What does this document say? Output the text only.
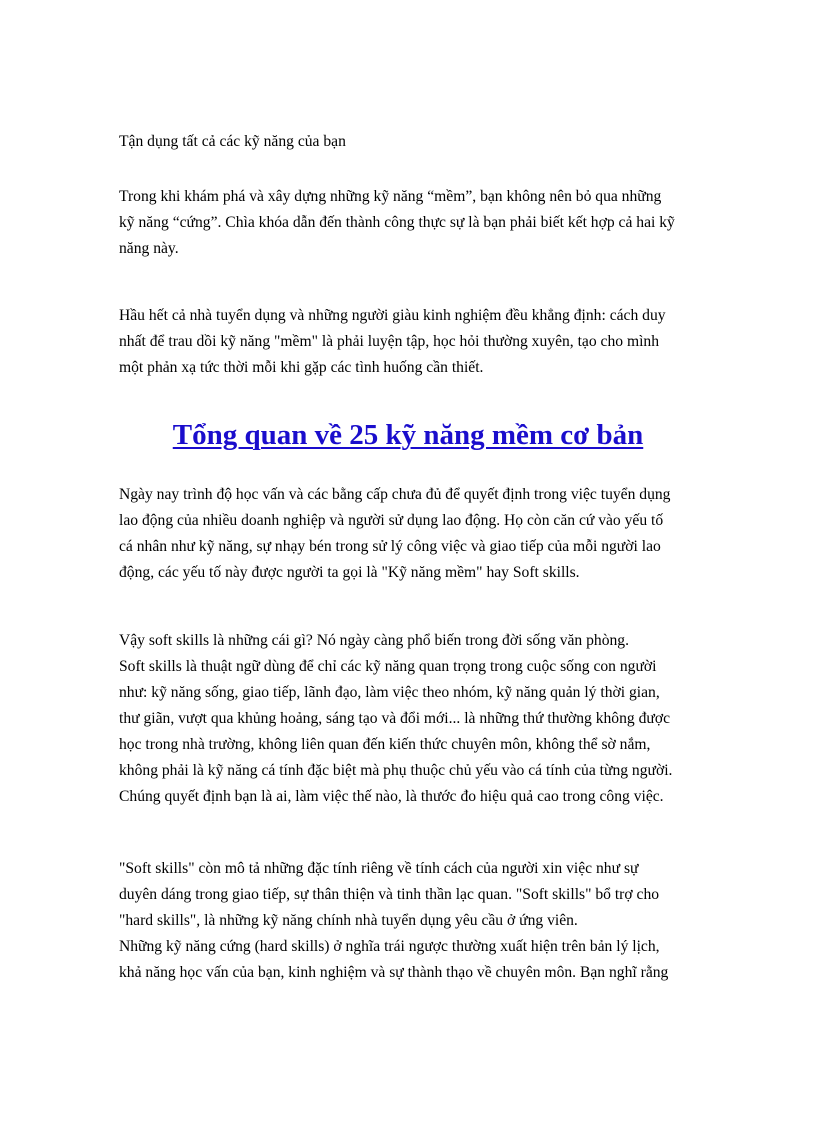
Tận dụng tất cả các kỹ năng của bạn
Trong khi khám phá và xây dựng những kỹ năng “mềm”, bạn không nên bỏ qua những
kỹ năng “cứng”. Chìa khóa dẫn đến thành công thực sự là bạn phải biết kết hợp cả hai kỹ
năng này.
Hầu hết cả nhà tuyển dụng và những người giàu kinh nghiệm đều khẳng định: cách duy
nhất để trau dồi kỹ năng "mềm" là phải luyện tập, học hỏi thường xuyên, tạo cho mình
một phản xạ tức thời mỗi khi gặp các tình huống cần thiết.
Tổng quan về 25 kỹ năng mềm cơ bản
Ngày nay trình độ học vấn và các bằng cấp chưa đủ để quyết định trong việc tuyển dụng
lao động của nhiều doanh nghiệp và người sử dụng lao động. Họ còn căn cứ vào yếu tố
cá nhân như kỹ năng, sự nhạy bén trong sử lý công việc và giao tiếp của mỗi người lao
động, các yếu tố này được người ta gọi là "Kỹ năng mềm" hay Soft skills.
Vậy soft skills là những cái gì? Nó ngày càng phổ biến trong đời sống văn phòng.
Soft skills là thuật ngữ dùng để chỉ các kỹ năng quan trọng trong cuộc sống con người
như: kỹ năng sống, giao tiếp, lãnh đạo, làm việc theo nhóm, kỹ năng quản lý thời gian,
thư giãn, vượt qua khủng hoảng, sáng tạo và đổi mới... là những thứ thường không được
học trong nhà trường, không liên quan đến kiến thức chuyên môn, không thể sờ nắm,
không phải là kỹ năng cá tính đặc biệt mà phụ thuộc chủ yếu vào cá tính của từng người.
Chúng quyết định bạn là ai, làm việc thế nào, là thước đo hiệu quả cao trong công việc.
"Soft skills" còn mô tả những đặc tính riêng về tính cách của người xin việc như sự
duyên dáng trong giao tiếp, sự thân thiện và tinh thần lạc quan. "Soft skills" bổ trợ cho
"hard skills", là những kỹ năng chính nhà tuyển dụng yêu cầu ở ứng viên.
Những kỹ năng cứng (hard skills) ở nghĩa trái ngược thường xuất hiện trên bản lý lịch,
khả năng học vấn của bạn, kinh nghiệm và sự thành thạo về chuyên môn. Bạn nghĩ rằng
